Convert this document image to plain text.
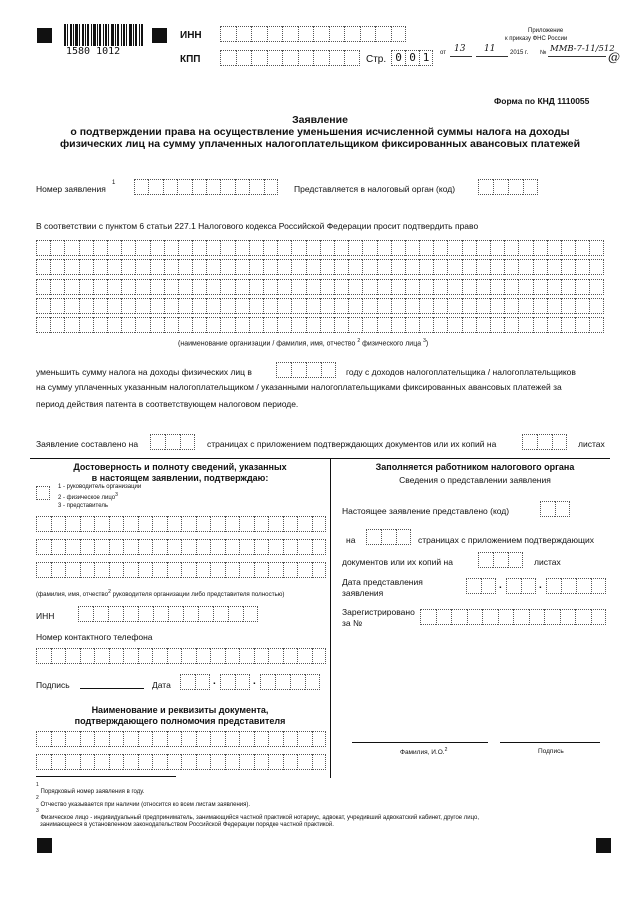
1580 1012
ИНН
КПП	Стр. 0 0 1
Приложение
к приказу ФНС России
от 13 11 2015 г. № ММВ-7-11/512
@
Форма по КНД 1110055
Заявление
о подтверждении права на осуществление уменьшения исчисленной суммы налога на доходы
физических лиц на сумму уплаченных налогоплательщиком фиксированных авансовых платежей
Номер заявления
1
Представляется в налоговый орган (код)
В соответствии с пунктом 6 статьи 227.1 Налогового кодекса Российской Федерации просит подтвердить право
(наименование организации / фамилия, имя, отчество $^2$ физического лица $^3$)
уменьшить сумму налога на доходы физических лиц в	году с доходов налогоплательщика / налогоплательщиков
на сумму уплаченных указанным налогоплательщиком / указанными налогоплательщиками фиксированных авансовых платежей за
период действия патента в соответствующем налоговом периоде.
Заявление составлено на	страницах с приложением подтверждающих документов или их копий на	листах
Достоверность и полноту сведений, указанных
в настоящем заявлении, подтверждаю:
1 - руководитель организации
2 - физическое лицо$^3$
3 - представитель
(фамилия, имя, отчество$^2$ руководителя организации либо представителя полностью)
ИНН
Номер контактного телефона
Подпись	Дата	.	.
Наименование и реквизиты документа,
подтверждающего полномочия представителя
Заполняется работником налогового органа
Сведения о представлении заявления
Настоящее заявление представлено (код)
на	страницах с приложением подтверждающих
документов или их копий на	листах
Дата представления
заявления
.	.
Зарегистрировано
за №
Фамилия, И.О.$^2$	Подпись
$^1$ Порядковый номер заявления в году.
$^2$ Отчество указывается при наличии (относится ко всем листам заявления).
$^3$ Физическое лицо - индивидуальный предприниматель, занимающийся частной практикой нотариус, адвокат, учредивший адвокатский кабинет, другое лицо,
занимающееся в установленном законодательством Российской Федерации порядке частной практикой.
